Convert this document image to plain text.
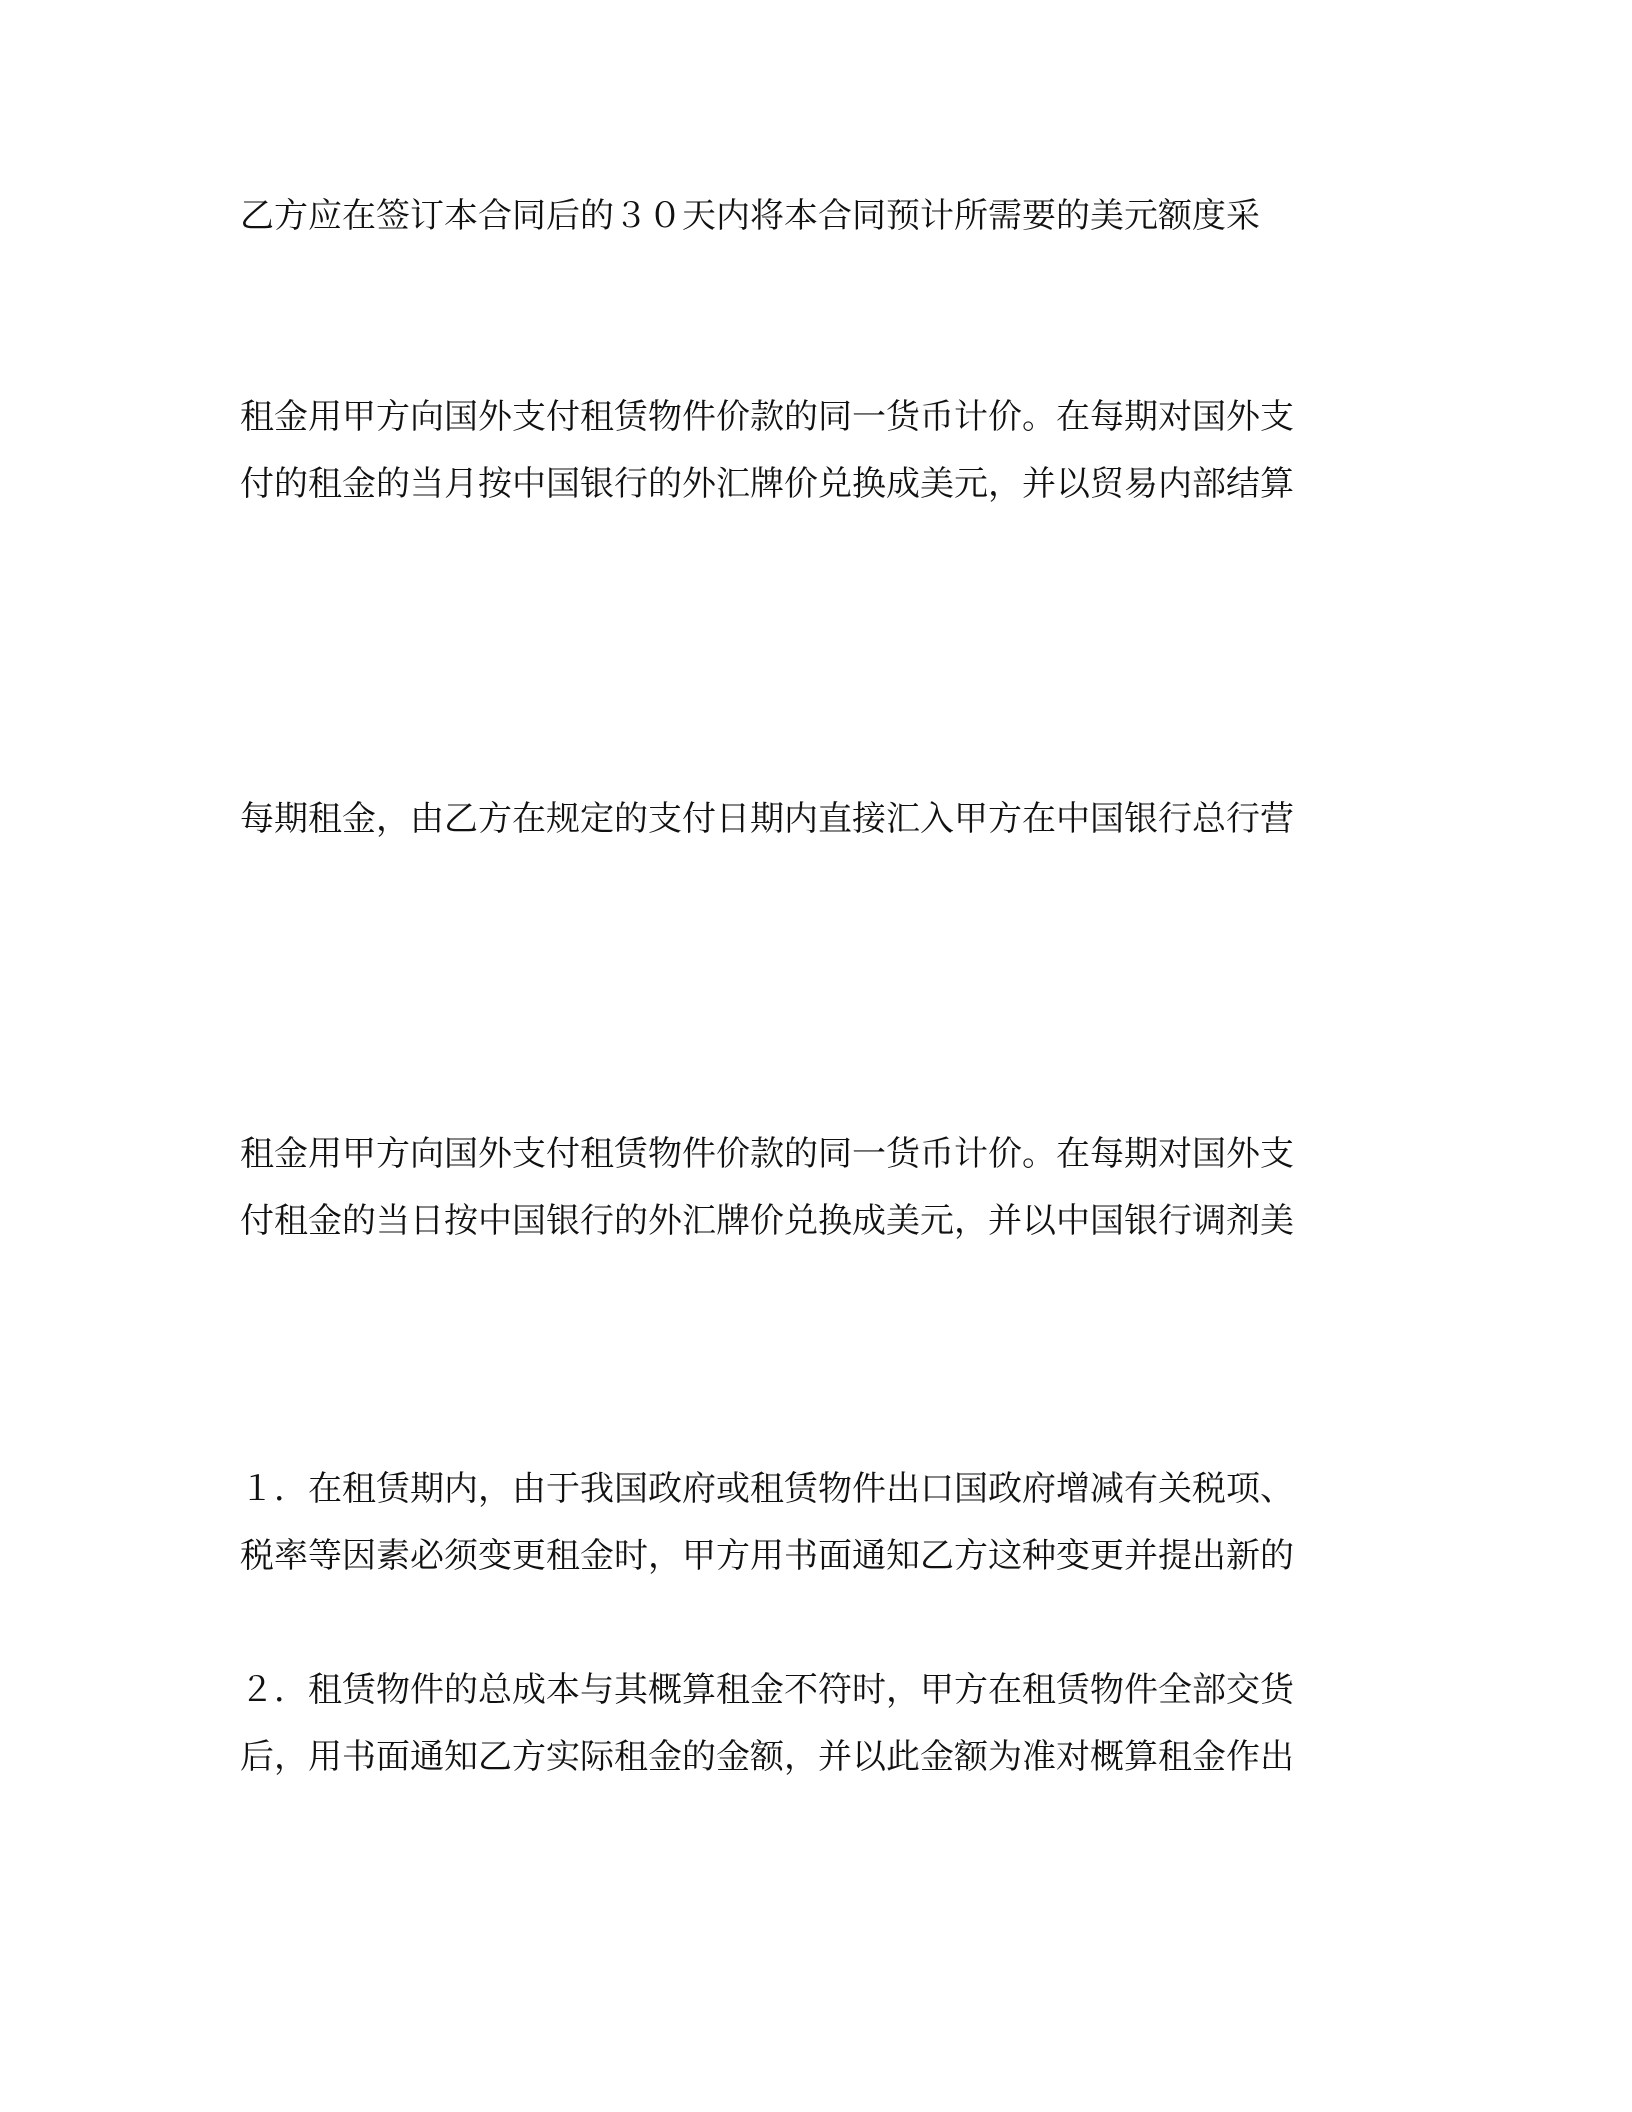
乙方应在签订本合同后的３０天内将本合同预计所需要的美元额度采

租金用甲方向国外支付租赁物件价款的同一货币计价。在每期对国外支
付的租金的当月按中国银行的外汇牌价兑换成美元，并以贸易内部结算

每期租金，由乙方在规定的支付日期内直接汇入甲方在中国银行总行营

租金用甲方向国外支付租赁物件价款的同一货币计价。在每期对国外支
付租金的当日按中国银行的外汇牌价兑换成美元，并以中国银行调剂美

１．在租赁期内，由于我国政府或租赁物件出口国政府增减有关税项、
税率等因素必须变更租金时，甲方用书面通知乙方这种变更并提出新的

２．租赁物件的总成本与其概算租金不符时，甲方在租赁物件全部交货
后，用书面通知乙方实际租金的金额，并以此金额为准对概算租金作出
